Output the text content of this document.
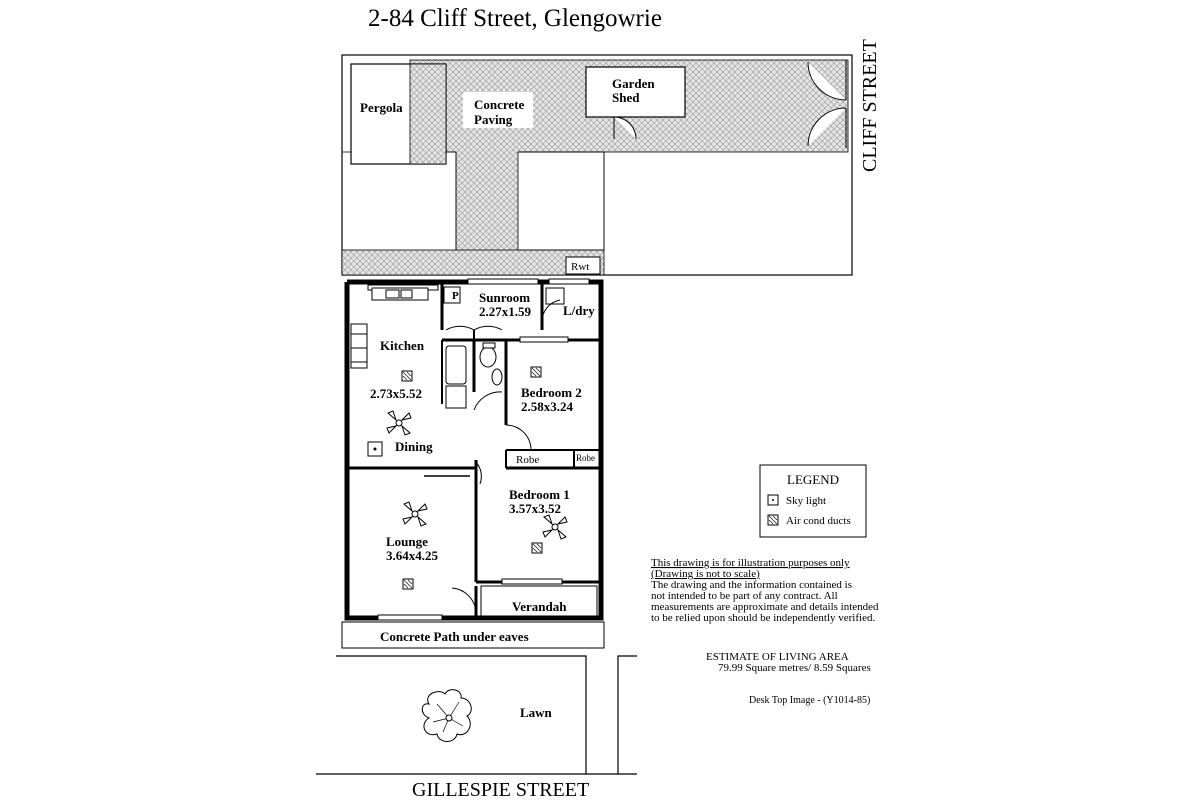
2-84 Cliff Street, Glengowrie
Concrete
Paving
Pergola
Garden
Shed
Rwt
CLIFF STREET
P Sunroom
2.27x1.59 L/dry
Kitchen
2.73x5.52
Dining
Bedroom 2
2.58x3.24
Robe	Robe
Bedroom 1
3.57x3.52
Lounge
3.64x4.25
Verandah
Concrete Path under eaves
Lawn
GILLESPIE STREET
LEGEND
Sky light
Air cond ducts
This drawing is for illustration purposes only
(Drawing is not to scale)
The drawing and the information contained is
not intended to be part of any contract. All
measurements are approximate and details intended
to be relied upon should be independently verified.
ESTIMATE OF LIVING AREA
79.99 Square metres/ 8.59 Squares
Desk Top Image - (Y1014-85)
